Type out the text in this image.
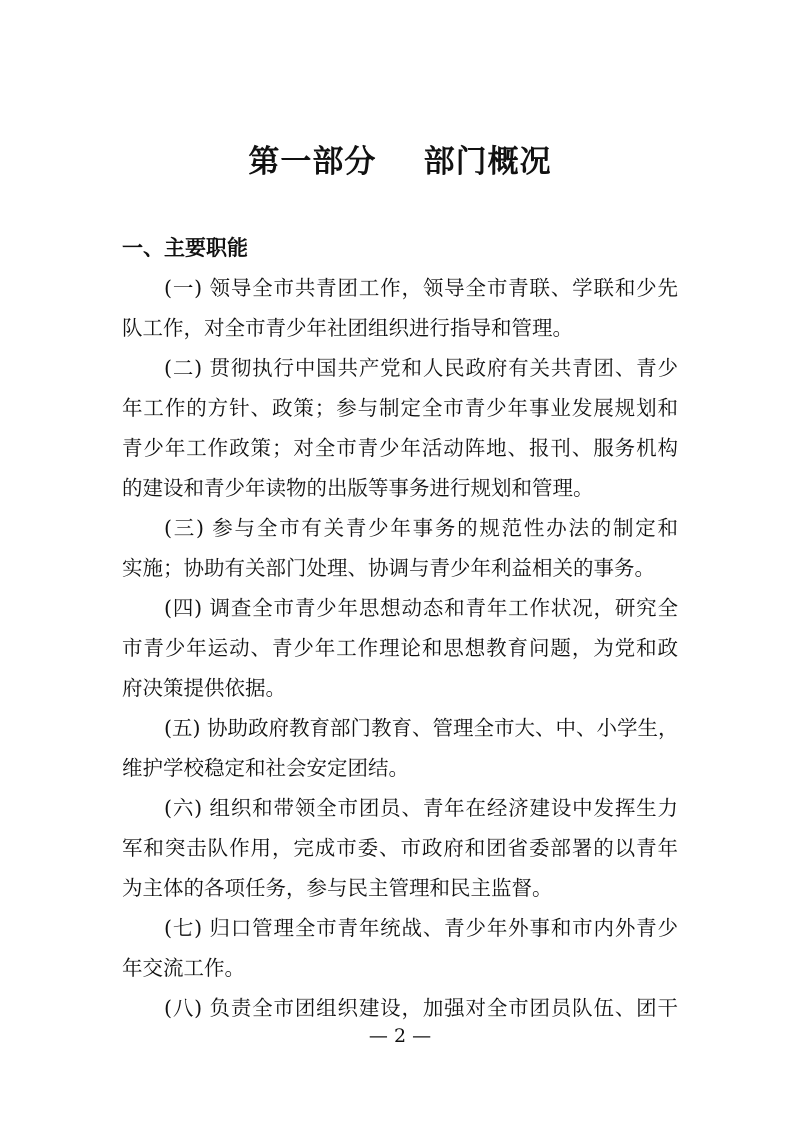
第一部分    部门概况
一、主要职能
(一) 领导全市共青团工作，领导全市青联、学联和少先
队工作，对全市青少年社团组织进行指导和管理。
(二) 贯彻执行中国共产党和人民政府有关共青团、青少
年工作的方针、政策；参与制定全市青少年事业发展规划和
青少年工作政策；对全市青少年活动阵地、报刊、服务机构
的建设和青少年读物的出版等事务进行规划和管理。
(三) 参与全市有关青少年事务的规范性办法的制定和
实施；协助有关部门处理、协调与青少年利益相关的事务。
(四) 调查全市青少年思想动态和青年工作状况，研究全
市青少年运动、青少年工作理论和思想教育问题，为党和政
府决策提供依据。
(五) 协助政府教育部门教育、管理全市大、中、小学生，
维护学校稳定和社会安定团结。
(六) 组织和带领全市团员、青年在经济建设中发挥生力
军和突击队作用，完成市委、市政府和团省委部署的以青年
为主体的各项任务，参与民主管理和民主监督。
(七) 归口管理全市青年统战、青少年外事和市内外青少
年交流工作。
(八) 负责全市团组织建设，加强对全市团员队伍、团干
— 2 —
